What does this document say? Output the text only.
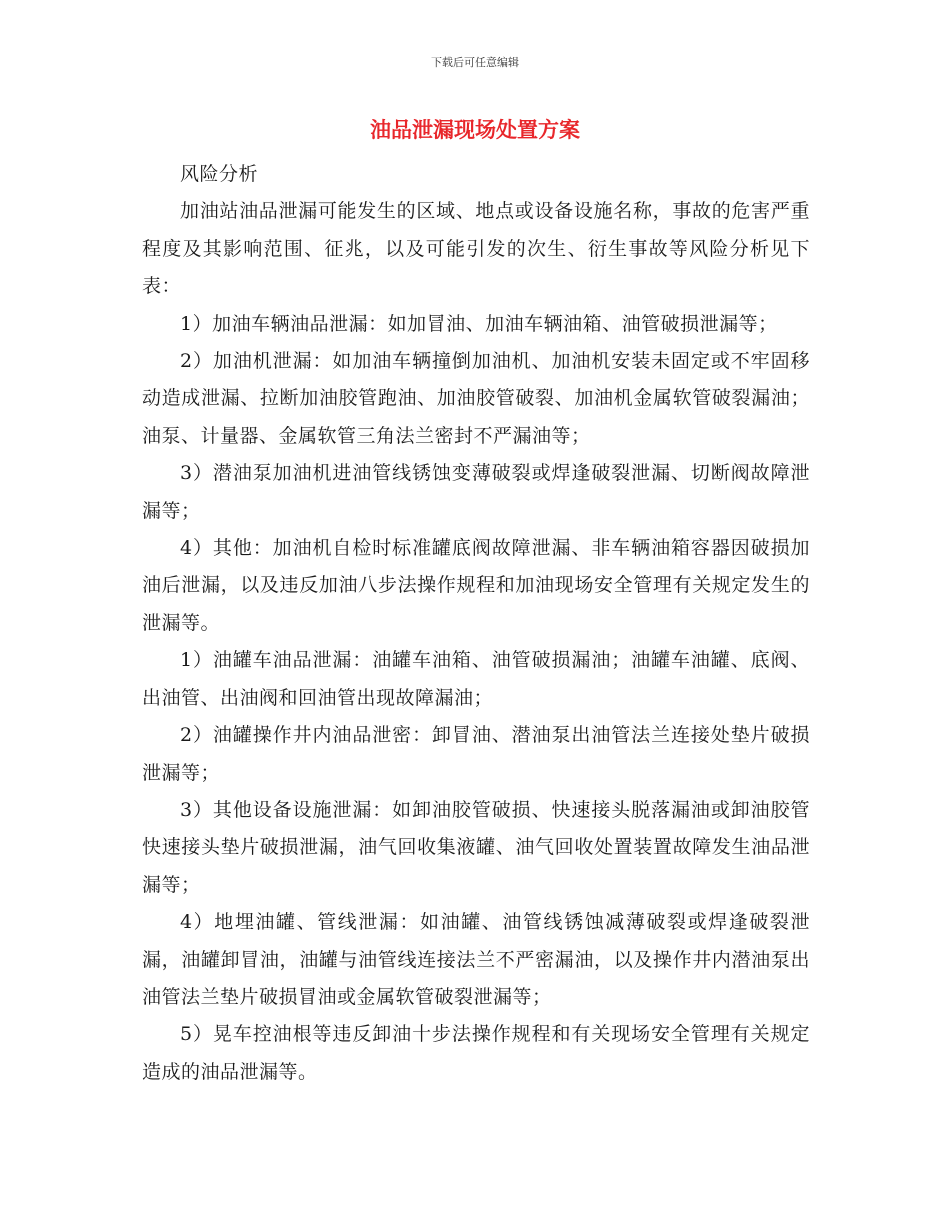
下载后可任意编辑
油品泄漏现场处置方案

风险分析

加油站油品泄漏可能发生的区域、地点或设备设施名称，事故的危害严重程度及其影响范围、征兆，以及可能引发的次生、衍生事故等风险分析见下表：

1）加油车辆油品泄漏：如加冒油、加油车辆油箱、油管破损泄漏等；

2）加油机泄漏：如加油车辆撞倒加油机、加油机安装未固定或不牢固移动造成泄漏、拉断加油胶管跑油、加油胶管破裂、加油机金属软管破裂漏油；油泵、计量器、金属软管三角法兰密封不严漏油等；

3）潜油泵加油机进油管线锈蚀变薄破裂或焊逢破裂泄漏、切断阀故障泄漏等；

4）其他：加油机自检时标准罐底阀故障泄漏、非车辆油箱容器因破损加油后泄漏，以及违反加油八步法操作规程和加油现场安全管理有关规定发生的泄漏等。

1）油罐车油品泄漏：油罐车油箱、油管破损漏油；油罐车油罐、底阀、出油管、出油阀和回油管出现故障漏油；

2）油罐操作井内油品泄密：卸冒油、潜油泵出油管法兰连接处垫片破损泄漏等；

3）其他设备设施泄漏：如卸油胶管破损、快速接头脱落漏油或卸油胶管快速接头垫片破损泄漏，油气回收集液罐、油气回收处置装置故障发生油品泄漏等；

4）地埋油罐、管线泄漏：如油罐、油管线锈蚀减薄破裂或焊逢破裂泄漏，油罐卸冒油，油罐与油管线连接法兰不严密漏油，以及操作井内潜油泵出油管法兰垫片破损冒油或金属软管破裂泄漏等；

5）晃车控油根等违反卸油十步法操作规程和有关现场安全管理有关规定造成的油品泄漏等。
